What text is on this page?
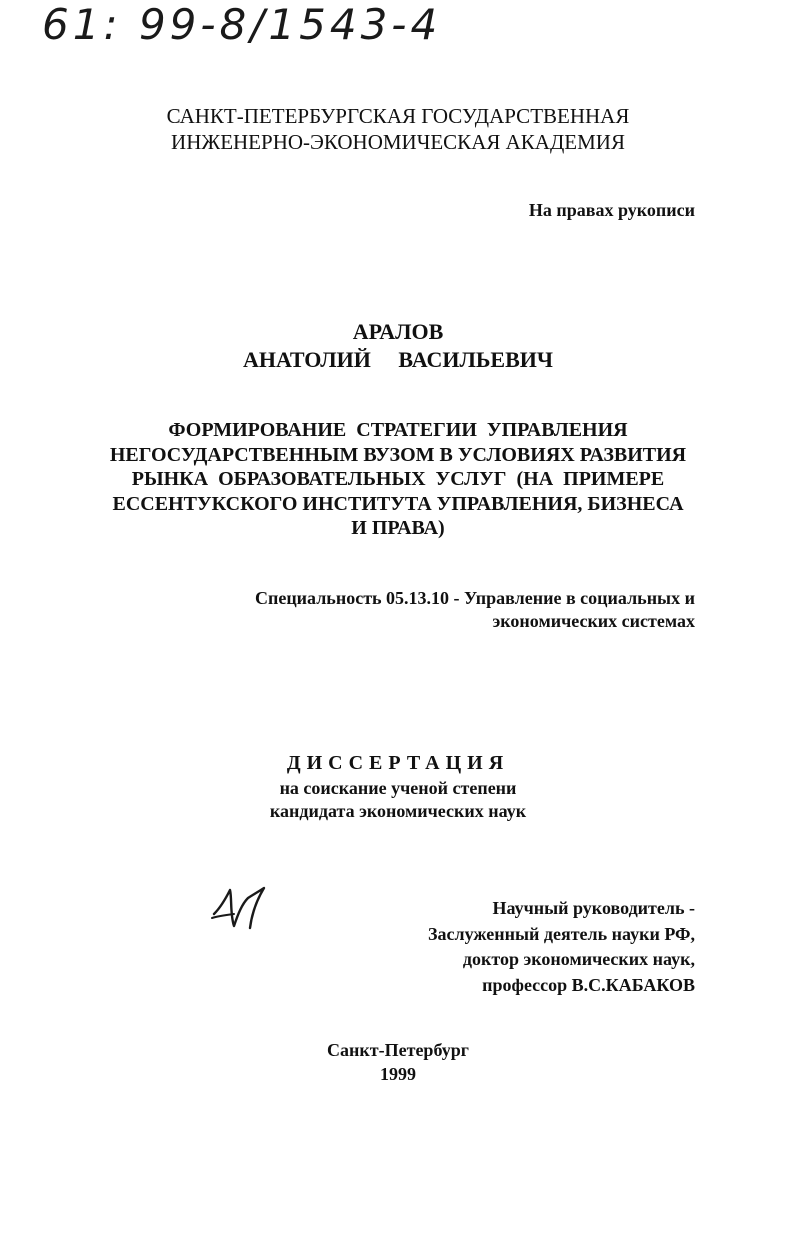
61: 99-8/1543-4
САНКТ-ПЕТЕРБУРГСКАЯ ГОСУДАРСТВЕННАЯ
ИНЖЕНЕРНО-ЭКОНОМИЧЕСКАЯ АКАДЕМИЯ
На правах рукописи
АРАЛОВ
АНАТОЛИЙ     ВАСИЛЬЕВИЧ
ФОРМИРОВАНИЕ  СТРАТЕГИИ  УПРАВЛЕНИЯ
НЕГОСУДАРСТВЕННЫМ ВУЗОМ В УСЛОВИЯХ РАЗВИТИЯ
РЫНКА  ОБРАЗОВАТЕЛЬНЫХ  УСЛУГ  (НА  ПРИМЕРЕ
ЕССЕНТУКСКОГО ИНСТИТУТА УПРАВЛЕНИЯ, БИЗНЕСА
И ПРАВА)
Специальность 05.13.10 - Управление в социальных и
экономических системах
ДИССЕРТАЦИЯ
на соискание ученой степени
кандидата экономических наук
Научный руководитель -
Заслуженный деятель науки РФ,
доктор экономических наук,
профессор В.С.КАБАКОВ
Санкт-Петербург
1999
